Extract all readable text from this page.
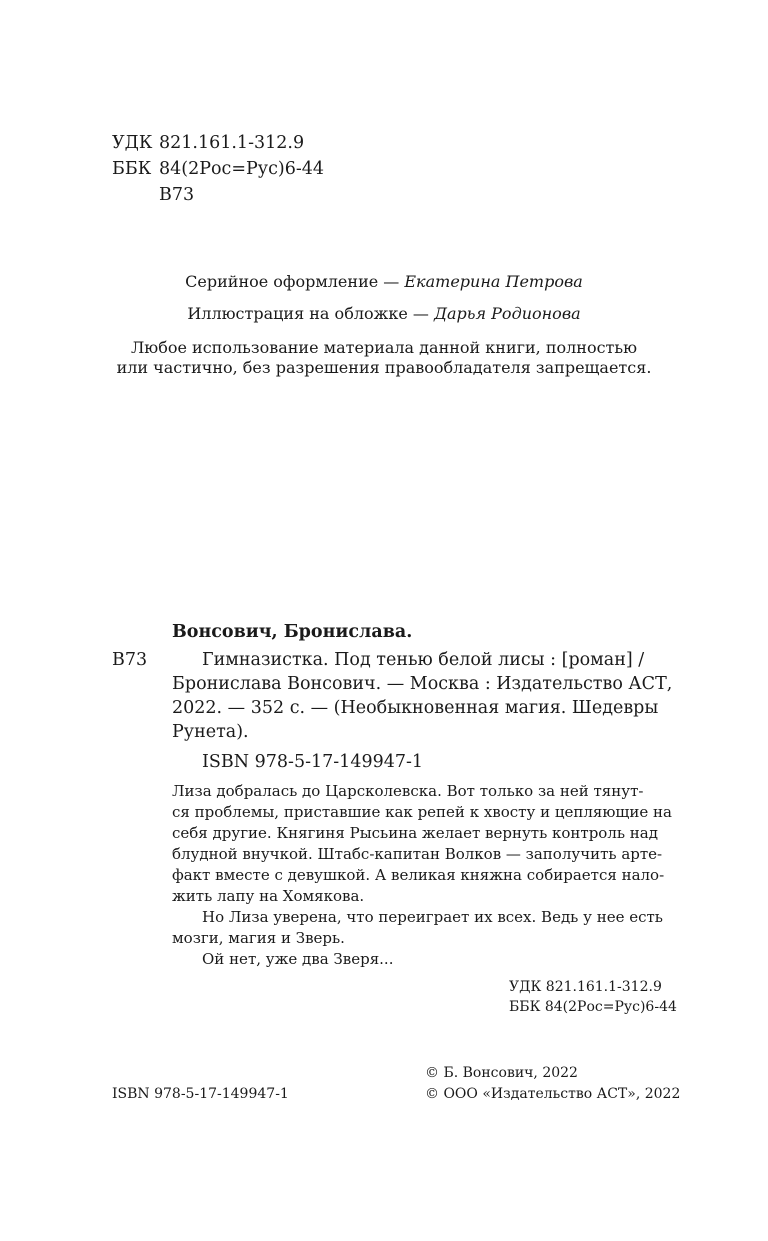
УДК 821.161.1-312.9
ББК 84(2Рос=Рус)6-44
В73
Серийное оформление — Екатерина Петрова
Иллюстрация на обложке — Дарья Родионова
Любое использование материала данной книги, полностью
или частично, без разрешения правообладателя запрещается.
Вонсович, Бронислава.
В73	Гимназистка. Под тенью белой лисы : [роман] /
Бронислава Вонсович. — Москва : Издательство АСТ,
2022. — 352 с. — (Необыкновенная магия. Шедевры
Рунета).
ISBN 978-5-17-149947-1
Лиза добралась до Царсколевска. Вот только за ней тянут-
ся проблемы, приставшие как репей к хвосту и цепляющие на
себя другие. Княгиня Рысьина желает вернуть контроль над
блудной внучкой. Штабс-капитан Волков — заполучить арте-
факт вместе с девушкой. А великая княжна собирается нало-
жить лапу на Хомякова.
Но Лиза уверена, что переиграет их всех. Ведь у нее есть
мозги, магия и Зверь.
Ой нет, уже два Зверя...
УДК 821.161.1-312.9
ББК 84(2Рос=Рус)6-44
© Б. Вонсович, 2022
ISBN 978-5-17-149947-1	© ООО «Издательство АСТ», 2022
